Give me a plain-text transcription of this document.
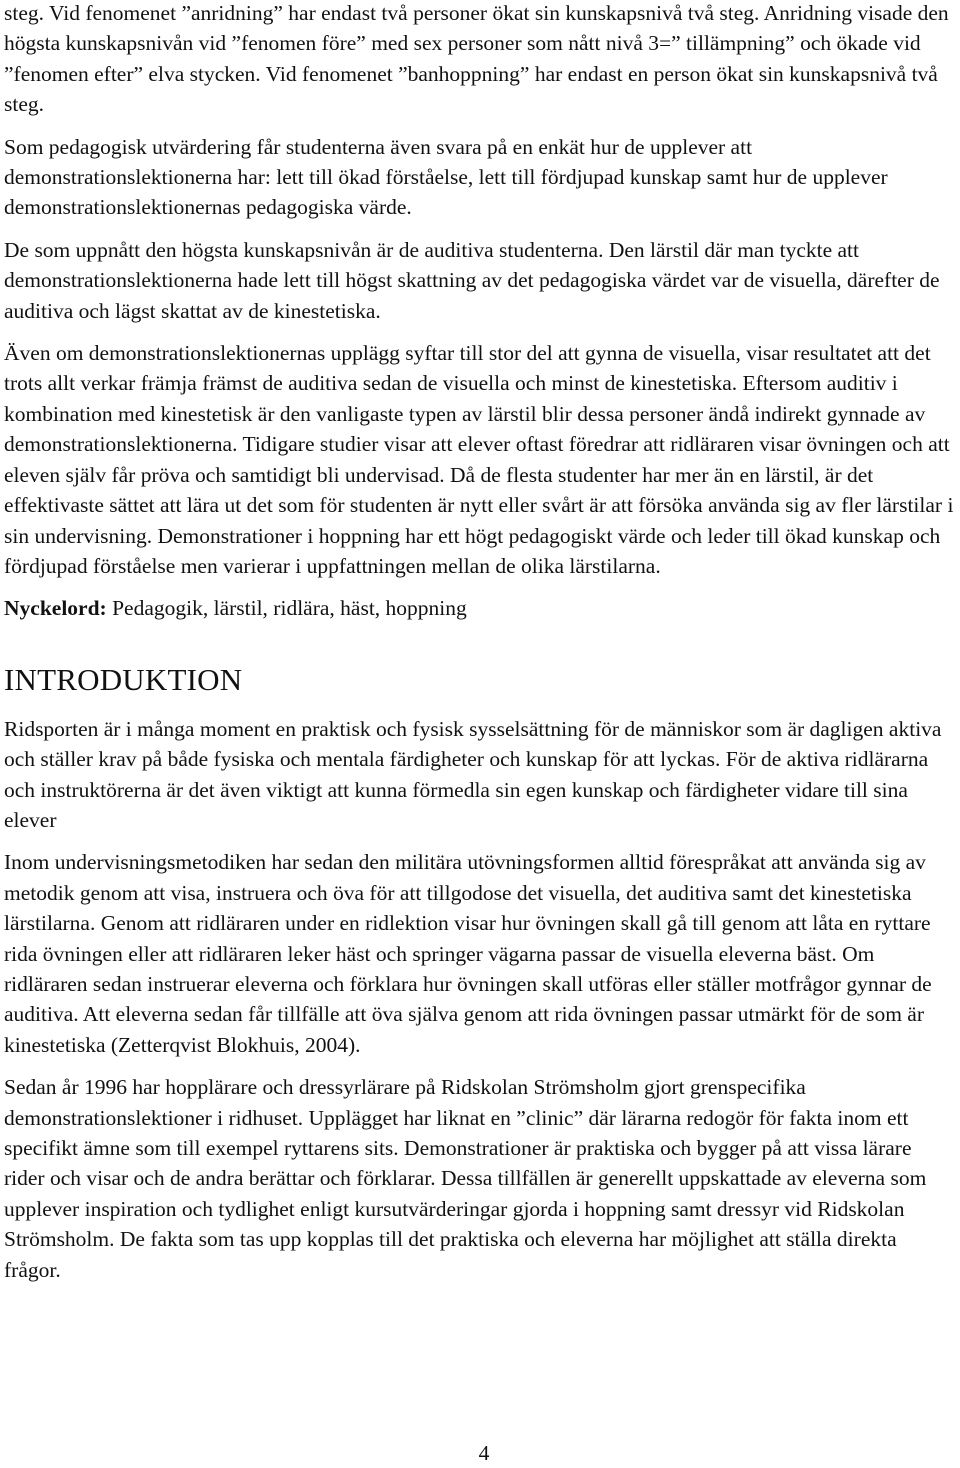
steg. Vid fenomenet ”anridning” har endast två personer ökat sin kunskapsnivå två steg. Anridning visade den högsta kunskapsnivån vid ”fenomen före” med sex personer som nått nivå 3=” tillämpning” och ökade vid ”fenomen efter” elva stycken. Vid fenomenet ”banhoppning” har endast en person ökat sin kunskapsnivå två steg.

Som pedagogisk utvärdering får studenterna även svara på en enkät hur de upplever att demonstrationslektionerna har: lett till ökad förståelse, lett till fördjupad kunskap samt hur de upplever demonstrationslektionernas pedagogiska värde.

De som uppnått den högsta kunskapsnivån är de auditiva studenterna. Den lärstil där man tyckte att demonstrationslektionerna hade lett till högst skattning av det pedagogiska värdet var de visuella, därefter de auditiva och lägst skattat av de kinestetiska.

Även om demonstrationslektionernas upplägg syftar till stor del att gynna de visuella, visar resultatet att det trots allt verkar främja främst de auditiva sedan de visuella och minst de kinestetiska. Eftersom auditiv i kombination med kinestetisk är den vanligaste typen av lärstil blir dessa personer ändå indirekt gynnade av demonstrationslektionerna. Tidigare studier visar att elever oftast föredrar att ridläraren visar övningen och att eleven själv får pröva och samtidigt bli undervisad. Då de flesta studenter har mer än en lärstil, är det effektivaste sättet att lära ut det som för studenten är nytt eller svårt är att försöka använda sig av fler lärstilar i sin undervisning. Demonstrationer i hoppning har ett högt pedagogiskt värde och leder till ökad kunskap och fördjupad förståelse men varierar i uppfattningen mellan de olika lärstilarna.

Nyckelord: Pedagogik, lärstil, ridlära, häst, hoppning

INTRODUKTION

Ridsporten är i många moment en praktisk och fysisk sysselsättning för de människor som är dagligen aktiva och ställer krav på både fysiska och mentala färdigheter och kunskap för att lyckas. För de aktiva ridlärarna och instruktörerna är det även viktigt att kunna förmedla sin egen kunskap och färdigheter vidare till sina elever

Inom undervisningsmetodiken har sedan den militära utövningsformen alltid förespråkat att använda sig av metodik genom att visa, instruera och öva för att tillgodose det visuella, det auditiva samt det kinestetiska lärstilarna. Genom att ridläraren under en ridlektion visar hur övningen skall gå till genom att låta en ryttare rida övningen eller att ridläraren leker häst och springer vägarna passar de visuella eleverna bäst. Om ridläraren sedan instruerar eleverna och förklara hur övningen skall utföras eller ställer motfrågor gynnar de auditiva. Att eleverna sedan får tillfälle att öva själva genom att rida övningen passar utmärkt för de som är kinestetiska (Zetterqvist Blokhuis, 2004).

Sedan år 1996 har hopplärare och dressyrlärare på Ridskolan Strömsholm gjort grenspecifika demonstrationslektioner i ridhuset. Upplägget har liknat en ”clinic” där lärarna redogör för fakta inom ett specifikt ämne som till exempel ryttarens sits. Demonstrationer är praktiska och bygger på att vissa lärare rider och visar och de andra berättar och förklarar. Dessa tillfällen är generellt uppskattade av eleverna som upplever inspiration och tydlighet enligt kursutvärderingar gjorda i hoppning samt dressyr vid Ridskolan Strömsholm. De fakta som tas upp kopplas till det praktiska och eleverna har möjlighet att ställa direkta frågor.

4
